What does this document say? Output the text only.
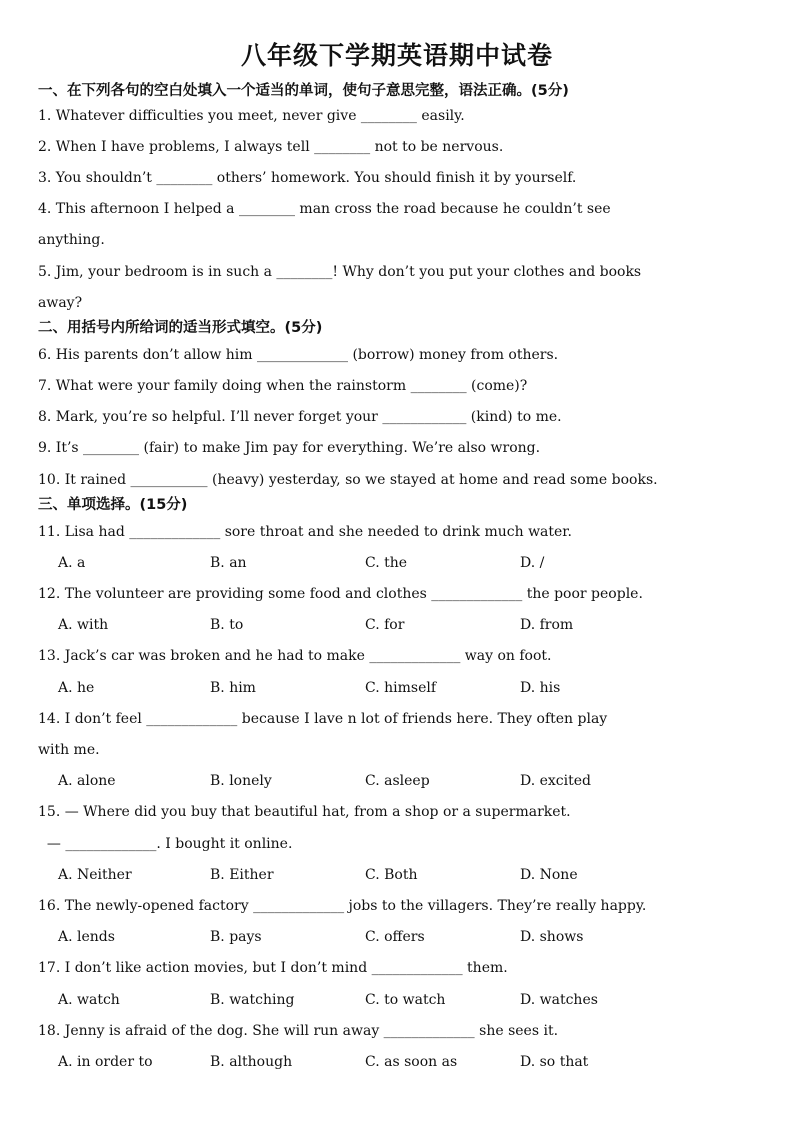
八年级下学期英语期中试卷
一、在下列各句的空白处填入一个适当的单词，使句子意思完整，语法正确。(5分)
1. Whatever difficulties you meet, never give ________ easily.
2. When I have problems, I always tell ________ not to be nervous.
3. You shouldn’t ________ others’ homework. You should finish it by yourself.
4. This afternoon I helped a ________ man cross the road because he couldn’t see
anything.
5. Jim, your bedroom is in such a ________! Why don’t you put your clothes and books
away?
二、用括号内所给词的适当形式填空。(5分)
6. His parents don’t allow him _____________ (borrow) money from others.
7. What were your family doing when the rainstorm ________ (come)?
8. Mark, you’re so helpful. I’ll never forget your ____________ (kind) to me.
9. It’s ________ (fair) to make Jim pay for everything. We’re also wrong.
10. It rained ___________ (heavy) yesterday, so we stayed at home and read some books.
三、单项选择。(15分)
11. Lisa had _____________ sore throat and she needed to drink much water.
A. a	B. an	C. the	D. /
12. The volunteer are providing some food and clothes _____________ the poor people.
A. with	B. to	C. for	D. from
13. Jack’s car was broken and he had to make _____________ way on foot.
A. he	B. him	C. himself	D. his
14. I don’t feel _____________ because I lave n lot of friends here. They often play
with me.
A. alone	B. lonely	C. asleep	D. excited
15. — Where did you buy that beautiful hat, from a shop or a supermarket.
— _____________. I bought it online.
A. Neither	B. Either	C. Both	D. None
16. The newly-opened factory _____________ jobs to the villagers. They’re really happy.
A. lends	B. pays	C. offers	D. shows
17. I don’t like action movies, but I don’t mind _____________ them.
A. watch	B. watching	C. to watch	D. watches
18. Jenny is afraid of the dog. She will run away _____________ she sees it.
A. in order to	B. although	C. as soon as	D. so that
